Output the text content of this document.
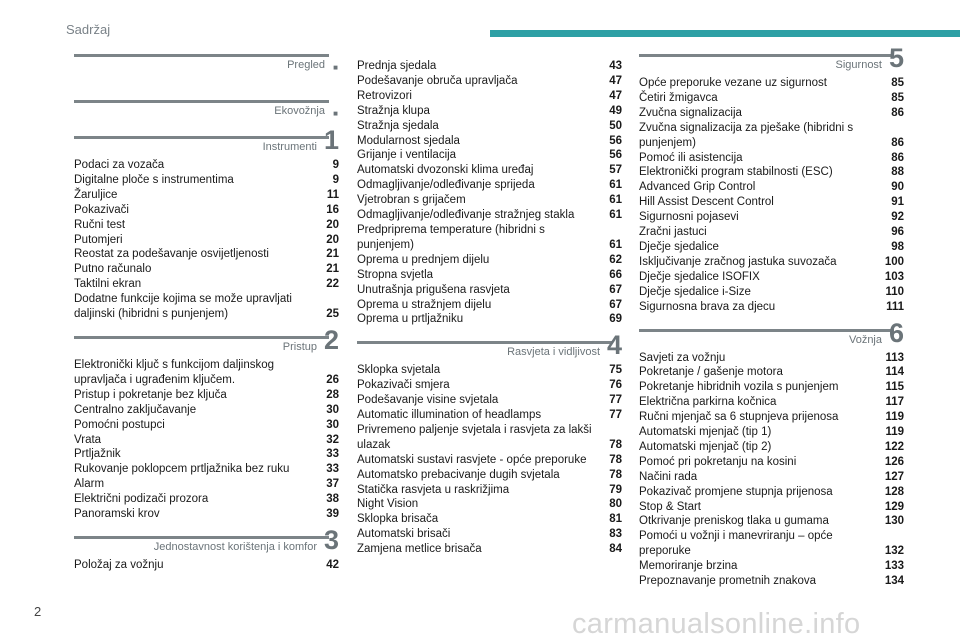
Sadržaj
Pregled ■
Ekovožnja ■
Instrumenti 1
Podaci za vozača	9
Digitalne ploče s instrumentima	9
Žaruljice	11
Pokazivači	16
Ručni test	20
Putomjeri	20
Reostat za podešavanje osvijetljenosti	21
Putno računalo	21
Taktilni ekran	22
Dodatne funkcije kojima se može upravljati daljinski (hibridni s punjenjem)	25
Pristup 2
Elektronički ključ s funkcijom daljinskog upravljača i ugrađenim ključem.	26
Pristup i pokretanje bez ključa	28
Centralno zaključavanje	30
Pomoćni postupci	30
Vrata	32
Prtljažnik	33
Rukovanje poklopcem prtljažnika bez ruku	33
Alarm	37
Električni podizači prozora	38
Panoramski krov	39
Jednostavnost korištenja i komfor 3
Položaj za vožnju	42
Prednja sjedala	43
Podešavanje obruča upravljača	47
Retrovizori	47
Stražnja klupa	49
Stražnja sjedala	50
Modularnost sjedala	56
Grijanje i ventilacija	56
Automatski dvozonski klima uređaj	57
Odmagljivanje/odleđivanje sprijeda	61
Vjetrobran s grijačem	61
Odmagljivanje/odleđivanje stražnjeg stakla	61
Predpriprema temperature (hibridni s punjenjem)	61
Oprema u prednjem dijelu	62
Stropna svjetla	66
Unutrašnja prigušena rasvjeta	67
Oprema u stražnjem dijelu	67
Oprema u prtljažniku	69
Rasvjeta i vidljivost 4
Sklopka svjetala	75
Pokazivači smjera	76
Podešavanje visine svjetala	77
Automatic illumination of headlamps	77
Privremeno paljenje svjetala i rasvjeta za lakši ulazak	78
Automatski sustavi rasvjete - opće preporuke	78
Automatsko prebacivanje dugih svjetala	78
Statička rasvjeta u raskrižjima	79
Night Vision	80
Sklopka brisača	81
Automatski brisači	83
Zamjena metlice brisača	84
Sigurnost 5
Opće preporuke vezane uz sigurnost	85
Četiri žmigavca	85
Zvučna signalizacija	86
Zvučna signalizacija za pješake (hibridni s punjenjem)	86
Pomoć ili asistencija	86
Elektronički program stabilnosti (ESC)	88
Advanced Grip Control	90
Hill Assist Descent Control	91
Sigurnosni pojasevi	92
Zračni jastuci	96
Dječje sjedalice	98
Isključivanje zračnog jastuka suvozača	100
Dječje sjedalice ISOFIX	103
Dječje sjedalice i-Size	110
Sigurnosna brava za djecu	111
Vožnja 6
Savjeti za vožnju	113
Pokretanje / gašenje motora	114
Pokretanje hibridnih vozila s punjenjem	115
Električna parkirna kočnica	117
Ručni mjenjač sa 6 stupnjeva prijenosa	119
Automatski mjenjač (tip 1)	119
Automatski mjenjač (tip 2)	122
Pomoć pri pokretanju na kosini	126
Načini rada	127
Pokazivač promjene stupnja prijenosa	128
Stop & Start	129
Otkrivanje preniskog tlaka u gumama	130
Pomoći u vožnji i manevriranju – opće preporuke	132
Memoriranje brzina	133
Prepoznavanje prometnih znakova	134
2	carmanualsonline.info
